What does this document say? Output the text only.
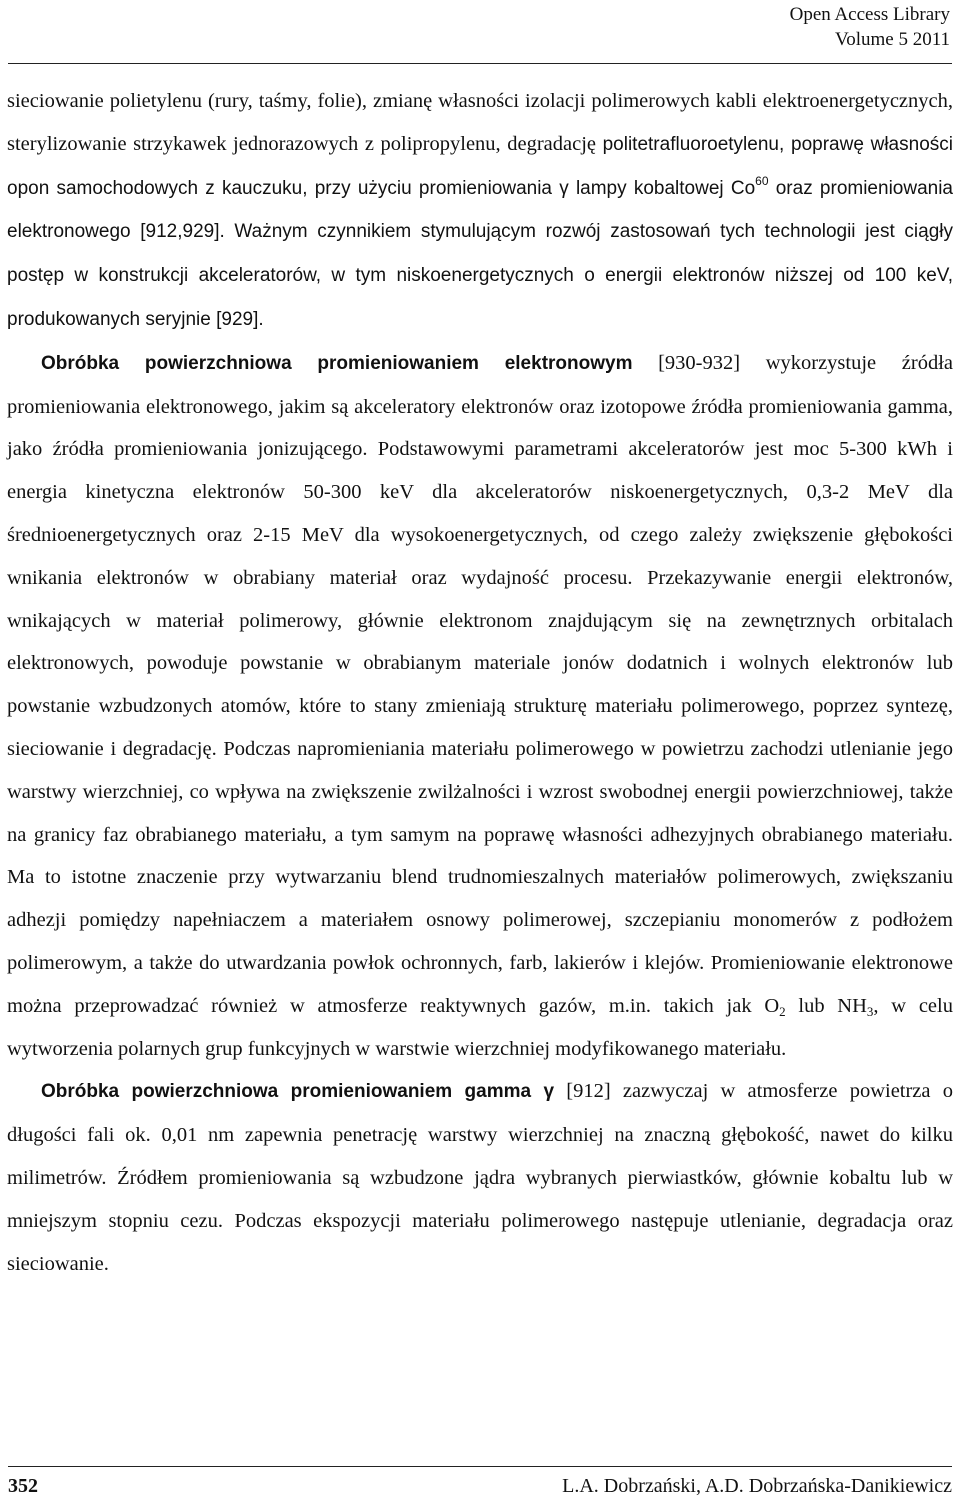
Open Access Library
Volume 5 2011

sieciowanie polietylenu (rury, taśmy, folie), zmianę własności izolacji polimerowych kabli elektroenergetycznych, sterylizowanie strzykawek jednorazowych z polipropylenu, degradację politetrafluoroetylenu, poprawę własności opon samochodowych z kauczuku, przy użyciu promieniowania γ lampy kobaltowej Co$^{60}$ oraz promieniowania elektronowego [912,929]. Ważnym czynnikiem stymulującym rozwój zastosowań tych technologii jest ciągły postęp w konstrukcji akceleratorów, w tym niskoenergetycznych o energii elektronów niższej od 100 keV, produkowanych seryjnie [929].

Obróbka powierzchniowa promieniowaniem elektronowym [930-932] wykorzystuje źródła promieniowania elektronowego, jakim są akceleratory elektronów oraz izotopowe źródła promieniowania gamma, jako źródła promieniowania jonizującego. Podstawowymi parametrami akceleratorów jest moc 5-300 kWh i energia kinetyczna elektronów 50-300 keV dla akceleratorów niskoenergetycznych, 0,3-2 MeV dla średnioenergetycznych oraz 2-15 MeV dla wysokoenergetycznych, od czego zależy zwiększenie głębokości wnikania elektronów w obrabiany materiał oraz wydajność procesu. Przekazywanie energii elektronów, wnikających w materiał polimerowy, głównie elektronom znajdującym się na zewnętrznych orbitalach elektronowych, powoduje powstanie w obrabianym materiale jonów dodatnich i wolnych elektronów lub powstanie wzbudzonych atomów, które to stany zmieniają strukturę materiału polimerowego, poprzez syntezę, sieciowanie i degradację. Podczas napromieniania materiału polimerowego w powietrzu zachodzi utlenianie jego warstwy wierzchniej, co wpływa na zwiększenie zwilżalności i wzrost swobodnej energii powierzchniowej, także na granicy faz obrabianego materiału, a tym samym na poprawę własności adhezyjnych obrabianego materiału. Ma to istotne znaczenie przy wytwarzaniu blend trudnomieszalnych materiałów polimerowych, zwiększaniu adhezji pomiędzy napełniaczem a materiałem osnowy polimerowej, szczepianiu monomerów z podłożem polimerowym, a także do utwardzania powłok ochronnych, farb, lakierów i klejów. Promieniowanie elektronowe można przeprowadzać również w atmosferze reaktywnych gazów, m.in. takich jak $O_2$ lub $NH_3$, w celu wytworzenia polarnych grup funkcyjnych w warstwie wierzchniej modyfikowanego materiału.

Obróbka powierzchniowa promieniowaniem gamma γ [912] zazwyczaj w atmosferze powietrza o długości fali ok. 0,01 nm zapewnia penetrację warstwy wierzchniej na znaczną głębokość, nawet do kilku milimetrów. Źródłem promieniowania są wzbudzone jądra wybranych pierwiastków, głównie kobaltu lub w mniejszym stopniu cezu. Podczas ekspozycji materiału polimerowego następuje utlenianie, degradacja oraz sieciowanie.

352	L.A. Dobrzański, A.D. Dobrzańska-Danikiewicz
